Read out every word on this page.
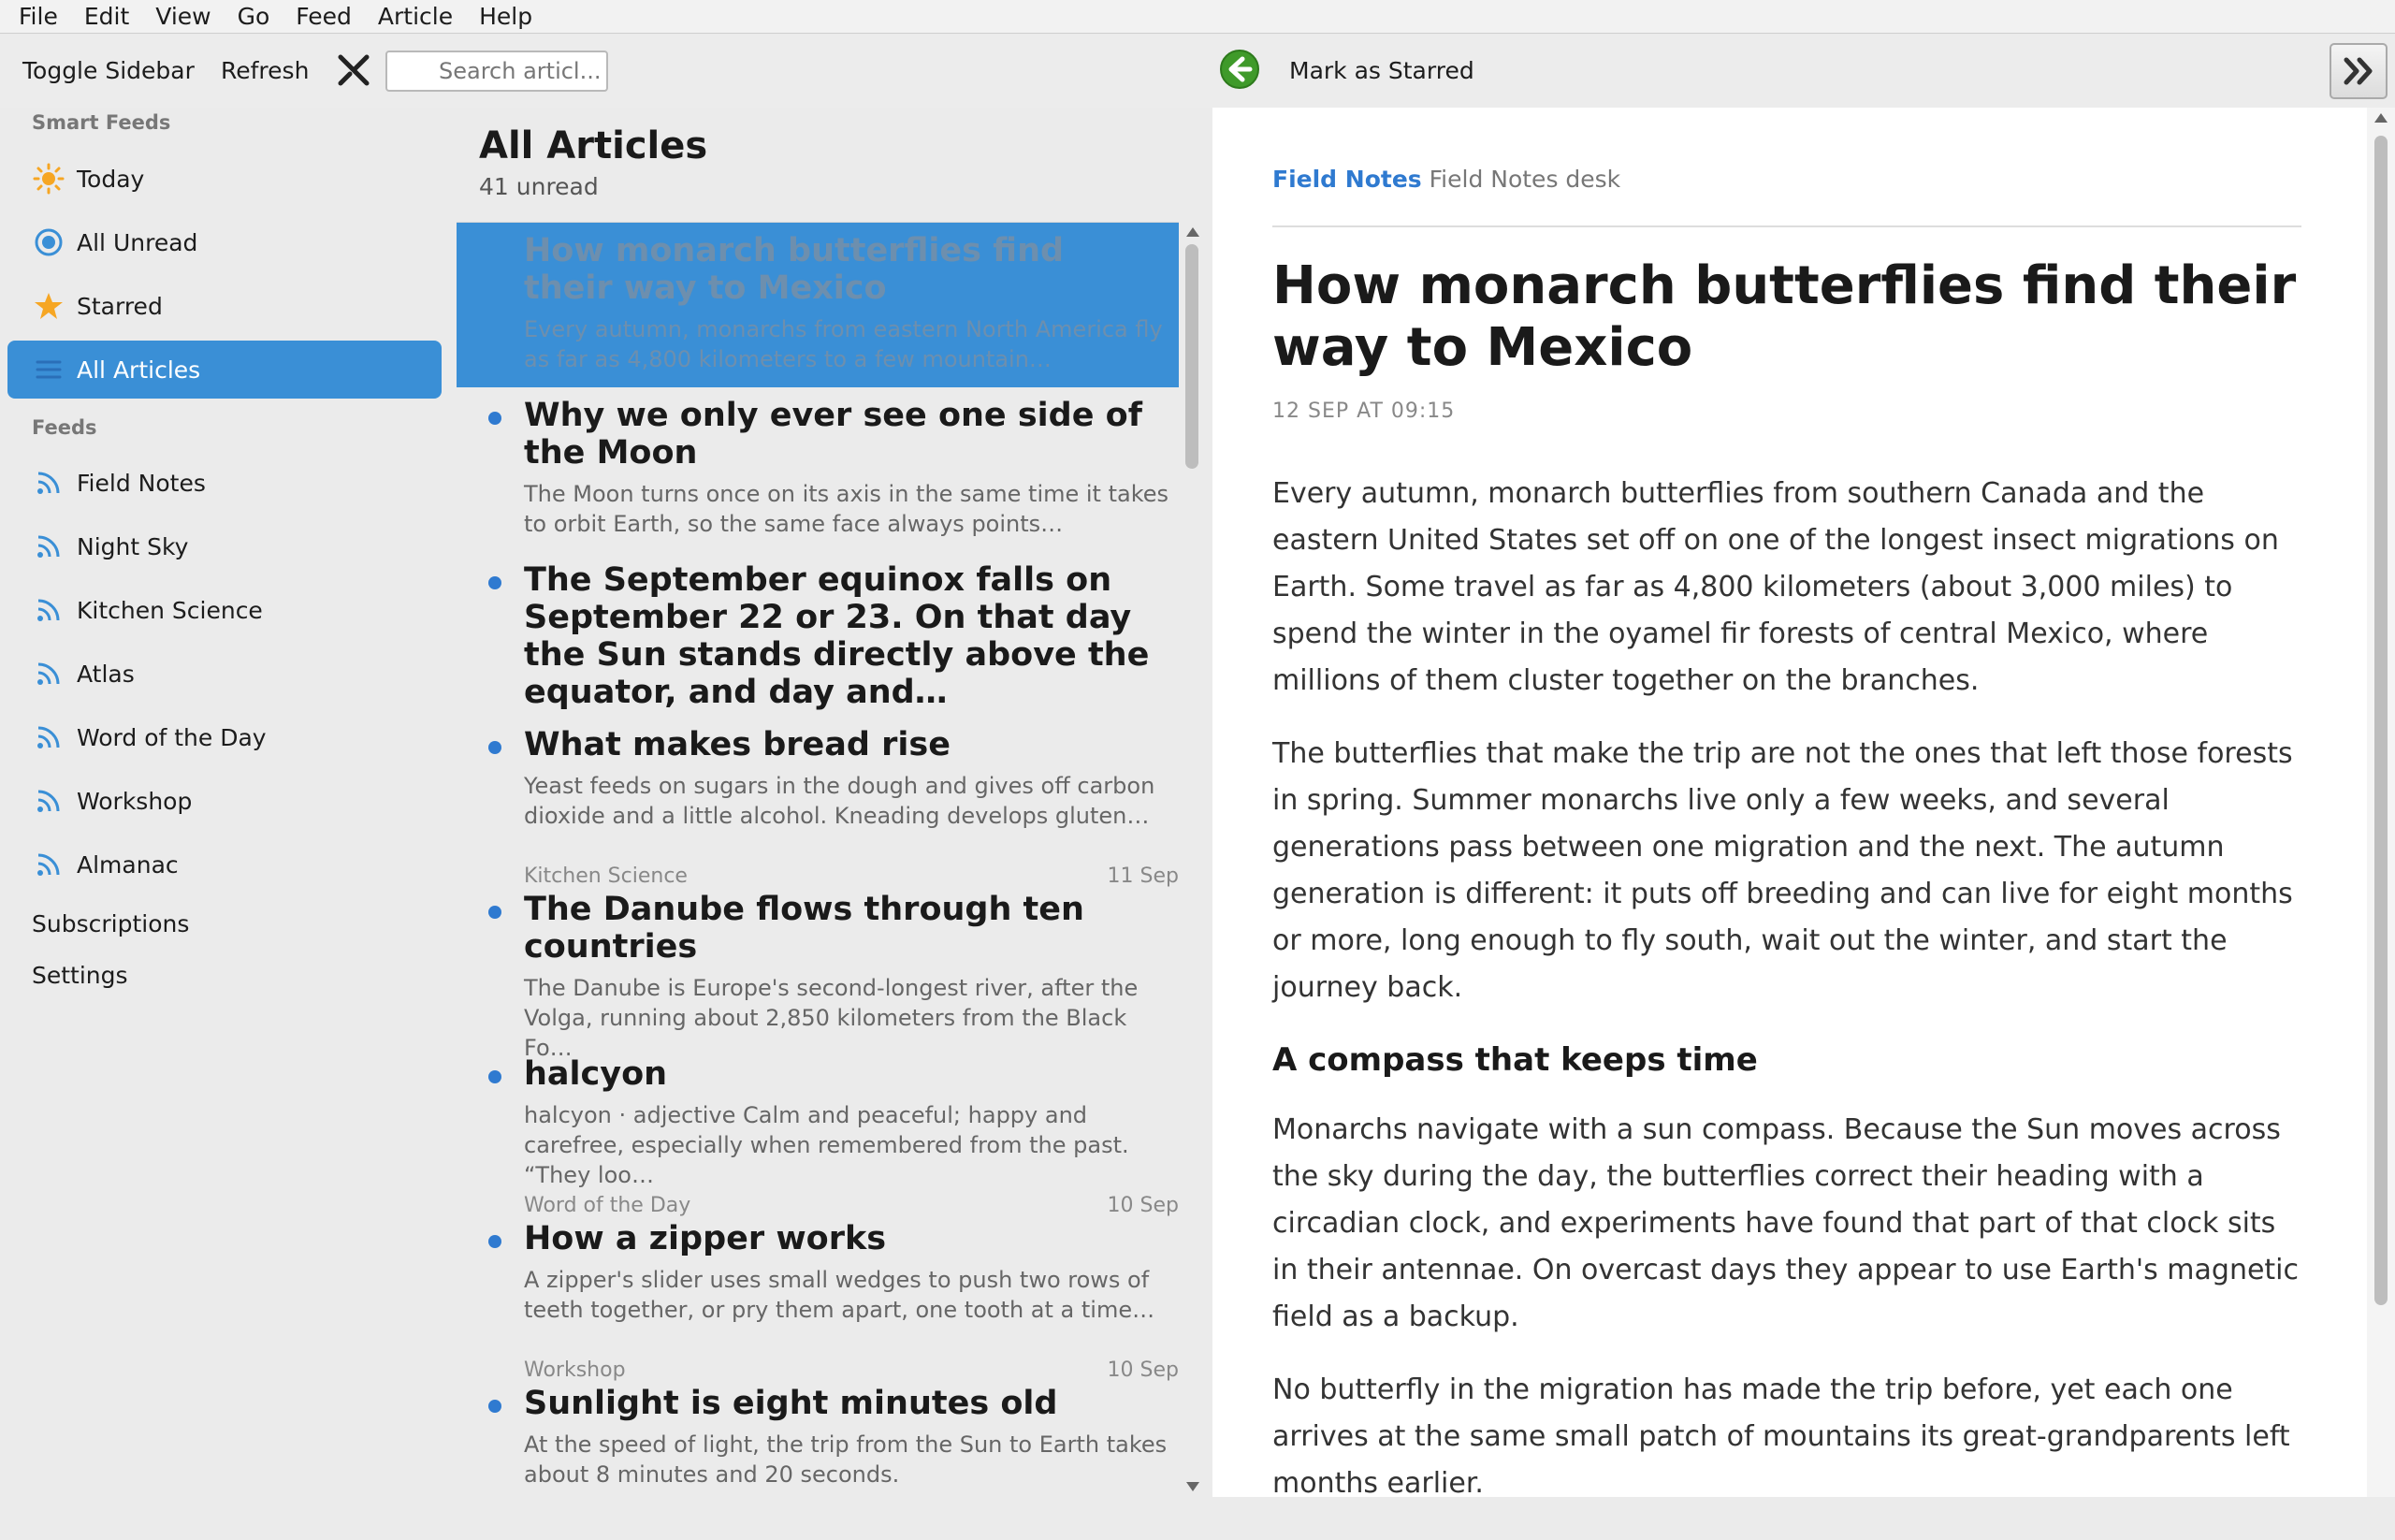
File	Edit	View	Go	Feed	Article	Help
Toggle Sidebar Refresh
Search articl...	Mark as Starred
Smart Feeds
Today
All Unread
Starred
All Articles
Feeds
Field Notes
Night Sky
Kitchen Science
Atlas
Word of the Day
Workshop
Almanac
Subscriptions
Settings
All Articles
41 unread
How monarch butterflies find their way to Mexico
Every autumn, monarchs from eastern North America fly as far as 4,800 kilometers to a few mountain…
Why we only ever see one side of the Moon
The Moon turns once on its axis in the same time it takes to orbit Earth, so the same face always points…
The September equinox falls on September 22 or 23. On that day the Sun stands directly above the equator, and day and…
What makes bread rise
Yeast feeds on sugars in the dough and gives off carbon dioxide and a little alcohol. Kneading develops gluten…
Kitchen Science	11 Sep
The Danube flows through ten countries
The Danube is Europe's second-longest river, after the Volga, running about 2,850 kilometers from the Black Fo…
halcyon
halcyon · adjective Calm and peaceful; happy and carefree, especially when remembered from the past. “They loo…
Word of the Day	10 Sep
How a zipper works
A zipper's slider uses small wedges to push two rows of teeth together, or pry them apart, one tooth at a time…
Workshop	10 Sep
Sunlight is eight minutes old
At the speed of light, the trip from the Sun to Earth takes about 8 minutes and 20 seconds.
Field Notes Field Notes desk
How monarch butterflies find their way to Mexico
12 SEP AT 09:15

Every autumn, monarch butterflies from southern Canada and the eastern United States set off on one of the longest insect migrations on Earth. Some travel as far as 4,800 kilometers (about 3,000 miles) to spend the winter in the oyamel fir forests of central Mexico, where millions of them cluster together on the branches.

The butterflies that make the trip are not the ones that left those forests in spring. Summer monarchs live only a few weeks, and several generations pass between one migration and the next. The autumn generation is different: it puts off breeding and can live for eight months or more, long enough to fly south, wait out the winter, and start the journey back.

A compass that keeps time

Monarchs navigate with a sun compass. Because the Sun moves across the sky during the day, the butterflies correct their heading with a circadian clock, and experiments have found that part of that clock sits in their antennae. On overcast days they appear to use Earth's magnetic field as a backup.

No butterfly in the migration has made the trip before, yet each one arrives at the same small patch of mountains its great-grandparents left months earlier.
